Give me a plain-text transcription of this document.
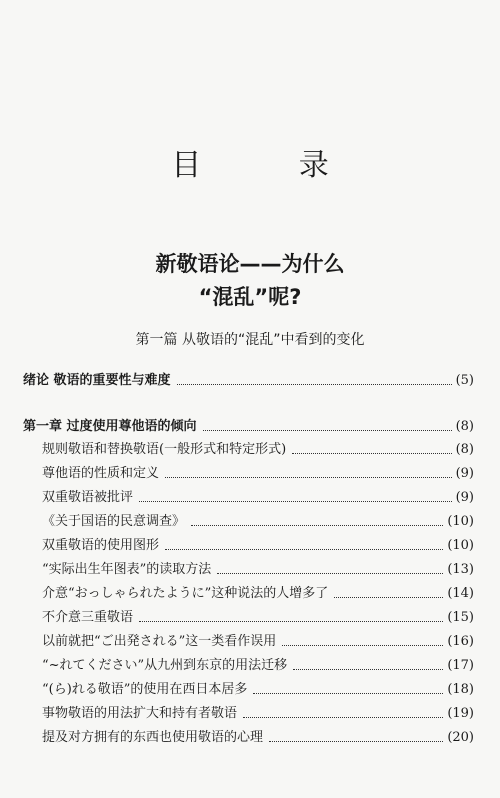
目 录
新敬语论——为什么
“混乱”呢?
第一篇 从敬语的“混乱”中看到的变化
绪论 敬语的重要性与难度	(5)
第一章 过度使用尊他语的倾向	(8)
规则敬语和替换敬语(一般形式和特定形式)	(8)
尊他语的性质和定义	(9)
双重敬语被批评	(9)
《关于国语的民意调查》	(10)
双重敬语的使用图形	(10)
“实际出生年图表”的读取方法	(13)
介意“おっしゃられたように”这种说法的人增多了	(14)
不介意三重敬语	(15)
以前就把“ご出発される”这一类看作误用	(16)
“~れてください”从九州到东京的用法迁移	(17)
“(ら)れる敬语”的使用在西日本居多	(18)
事物敬语的用法扩大和持有者敬语	(19)
提及对方拥有的东西也使用敬语的心理	(20)
